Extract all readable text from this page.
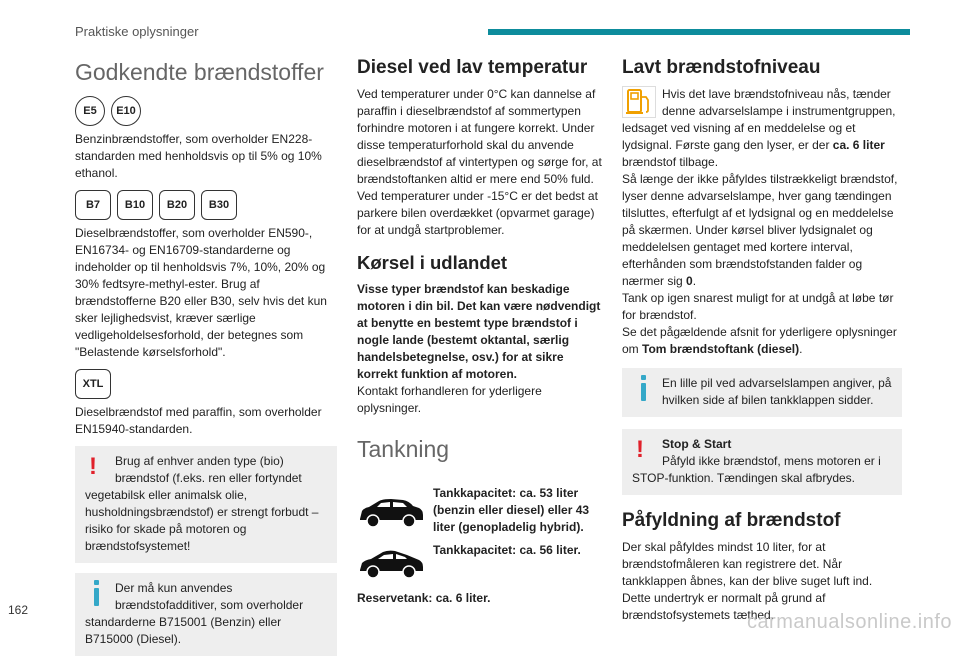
Praktiske oplysninger
Godkendte brændstoffer
E5	E10

Benzinbrændstoffer, som overholder EN228-standarden med henholdsvis op til 5% og 10% ethanol.

B7	B10	B20	B30

Dieselbrændstoffer, som overholder EN590-, EN16734- og EN16709-standarderne og indeholder op til henholdsvis 7%, 10%, 20% og 30% fedtsyre-methyl-ester. Brug af brændstofferne B20 eller B30, selv hvis det kun sker lejlighedsvist, kræver særlige vedligeholdelsesforhold, der betegnes som "Belastende kørselsforhold".

XTL

Dieselbrændstof med paraffin, som overholder EN15940-standarden.

!	Brug af enhver anden type (bio) brændstof (f.eks. ren eller fortyndet vegetabilsk eller animalsk olie, husholdningsbrændstof) er strengt forbudt – risiko for skade på motoren og brændstofsystemet!

Der må kun anvendes brændstofadditiver, som overholder standarderne B715001 (Benzin) eller B715000 (Diesel).

Diesel ved lav temperatur

Ved temperaturer under 0°C kan dannelse af paraffin i dieselbrændstof af sommertypen forhindre motoren i at fungere korrekt. Under disse temperaturforhold skal du anvende dieselbrændstof af vintertypen og sørge for, at brændstoftanken altid er mere end 50% fuld. Ved temperaturer under -15°C er det bedst at parkere bilen overdækket (opvarmet garage) for at undgå startproblemer.

Kørsel i udlandet

Visse typer brændstof kan beskadige motoren i din bil. Det kan være nødvendigt at benytte en bestemt type brændstof i nogle lande (bestemt oktantal, særlig handelsbetegnelse, osv.) for at sikre korrekt funktion af motoren.

Kontakt forhandleren for yderligere oplysninger.

Tankning
Tankkapacitet: ca. 53 liter (benzin eller diesel) eller 43 liter (genopladelig hybrid).
Tankkapacitet: ca. 56 liter.

Reservetank: ca. 6 liter.

Lavt brændstofniveau

Hvis det lave brændstofniveau nås, tænder denne advarselslampe i instrumentgruppen, ledsaget ved visning af en meddelelse og et lydsignal. Første gang den lyser, er der ca. 6 liter brændstof tilbage.

Så længe der ikke påfyldes tilstrækkeligt brændstof, lyser denne advarselslampe, hver gang tændingen tilsluttes, efterfulgt af et lydsignal og en meddelelse på skærmen. Under kørsel bliver lydsignalet og meddelelsen gentaget med kortere interval, efterhånden som brændstofstanden falder og nærmer sig 0.

Tank op igen snarest muligt for at undgå at løbe tør for brændstof.

Se det pågældende afsnit for yderligere oplysninger om Tom brændstoftank (diesel).

En lille pil ved advarselslampen angiver, på hvilken side af bilen tankklappen sidder.

!	Stop & Start

Påfyld ikke brændstof, mens motoren er i STOP-funktion. Tændingen skal afbrydes.

Påfyldning af brændstof

Der skal påfyldes mindst 10 liter, for at brændstofmåleren kan registrere det. Når tankklappen åbnes, kan der blive suget luft ind. Dette undertryk er normalt på grund af brændstofsystemets tæthed.

162
carmanualsonline.info
